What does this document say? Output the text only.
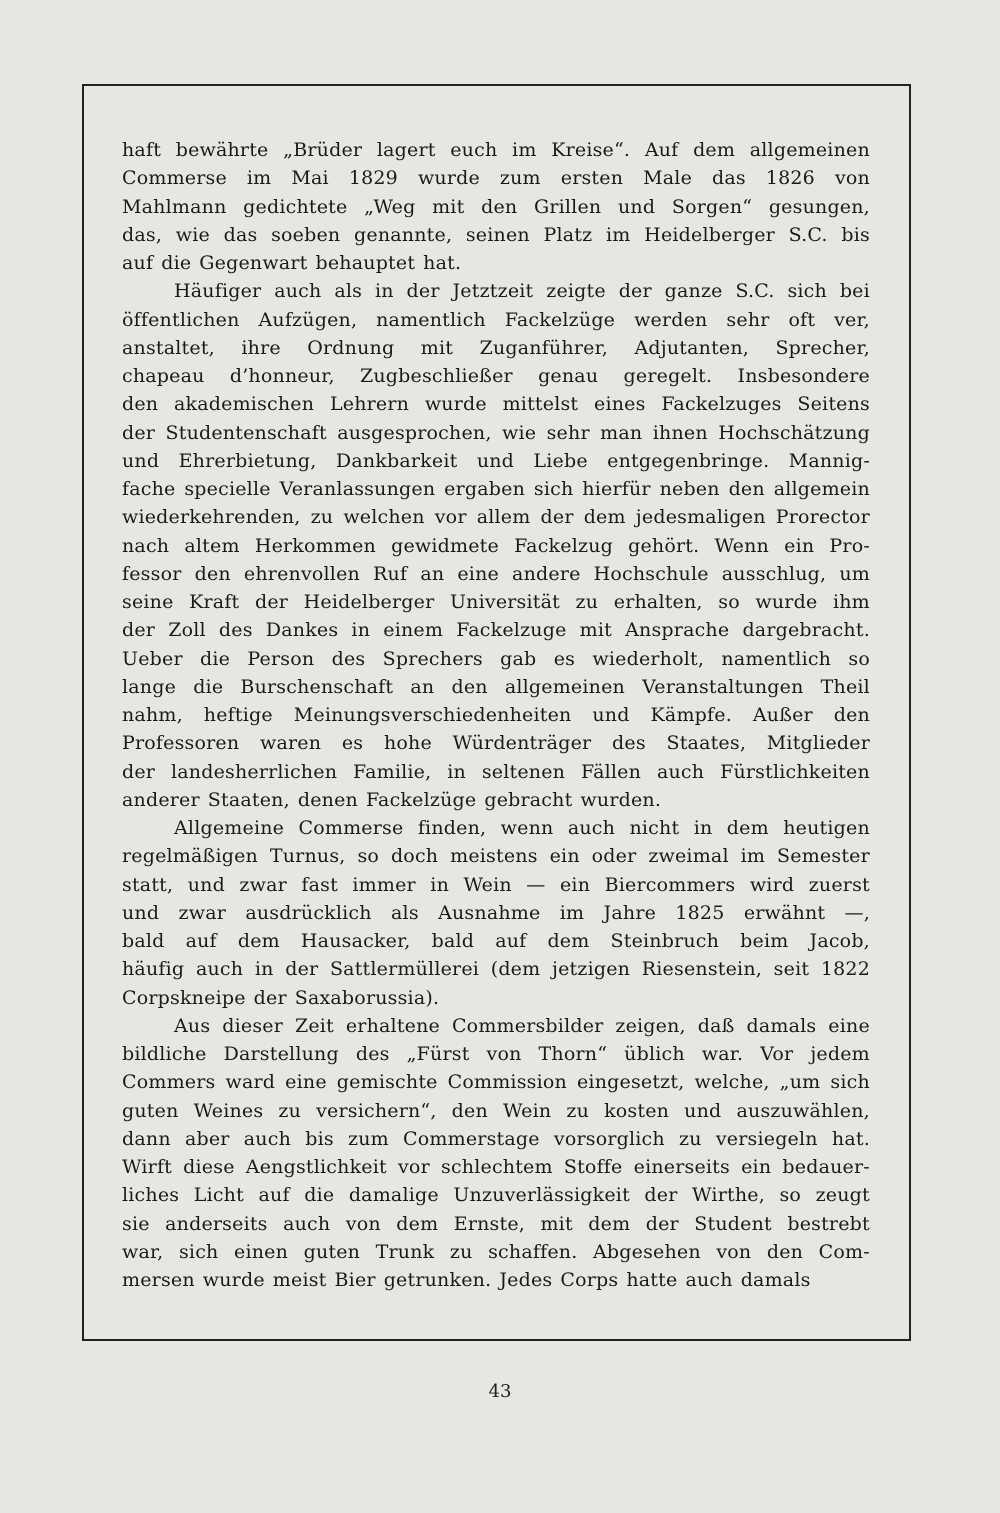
haft bewährte „Brüder lagert euch im Kreise“. Auf dem allgemeinen
Commerse im Mai 1829 wurde zum ersten Male das 1826 von
Mahlmann gedichtete „Weg mit den Grillen und Sorgen“ gesungen,
das, wie das soeben genannte, seinen Platz im Heidelberger S.C. bis
auf die Gegenwart behauptet hat.
Häufiger auch als in der Jetztzeit zeigte der ganze S.C. sich bei
öffentlichen Aufzügen, namentlich Fackelzüge werden sehr oft ver,
anstaltet, ihre Ordnung mit Zuganführer, Adjutanten, Sprecher,
chapeau d’honneur, Zugbeschließer genau geregelt. Insbesondere
den akademischen Lehrern wurde mittelst eines Fackelzuges Seitens
der Studentenschaft ausgesprochen, wie sehr man ihnen Hochschätzung
und Ehrerbietung, Dankbarkeit und Liebe entgegenbringe. Mannig-
fache specielle Veranlassungen ergaben sich hierfür neben den allgemein
wiederkehrenden, zu welchen vor allem der dem jedesmaligen Prorector
nach altem Herkommen gewidmete Fackelzug gehört. Wenn ein Pro-
fessor den ehrenvollen Ruf an eine andere Hochschule ausschlug, um
seine Kraft der Heidelberger Universität zu erhalten, so wurde ihm
der Zoll des Dankes in einem Fackelzuge mit Ansprache dargebracht.
Ueber die Person des Sprechers gab es wiederholt, namentlich so
lange die Burschenschaft an den allgemeinen Veranstaltungen Theil
nahm, heftige Meinungsverschiedenheiten und Kämpfe. Außer den
Professoren waren es hohe Würdenträger des Staates, Mitglieder
der landesherrlichen Familie, in seltenen Fällen auch Fürstlichkeiten
anderer Staaten, denen Fackelzüge gebracht wurden.
Allgemeine Commerse finden, wenn auch nicht in dem heutigen
regelmäßigen Turnus, so doch meistens ein oder zweimal im Semester
statt, und zwar fast immer in Wein — ein Biercommers wird zuerst
und zwar ausdrücklich als Ausnahme im Jahre 1825 erwähnt —,
bald auf dem Hausacker, bald auf dem Steinbruch beim Jacob,
häufig auch in der Sattlermüllerei (dem jetzigen Riesenstein, seit 1822
Corpskneipe der Saxaborussia).
Aus dieser Zeit erhaltene Commersbilder zeigen, daß damals eine
bildliche Darstellung des „Fürst von Thorn“ üblich war. Vor jedem
Commers ward eine gemischte Commission eingesetzt, welche, „um sich
guten Weines zu versichern“, den Wein zu kosten und auszuwählen,
dann aber auch bis zum Commerstage vorsorglich zu versiegeln hat.
Wirft diese Aengstlichkeit vor schlechtem Stoffe einerseits ein bedauer-
liches Licht auf die damalige Unzuverlässigkeit der Wirthe, so zeugt
sie anderseits auch von dem Ernste, mit dem der Student bestrebt
war, sich einen guten Trunk zu schaffen. Abgesehen von den Com-
mersen wurde meist Bier getrunken. Jedes Corps hatte auch damals
43
